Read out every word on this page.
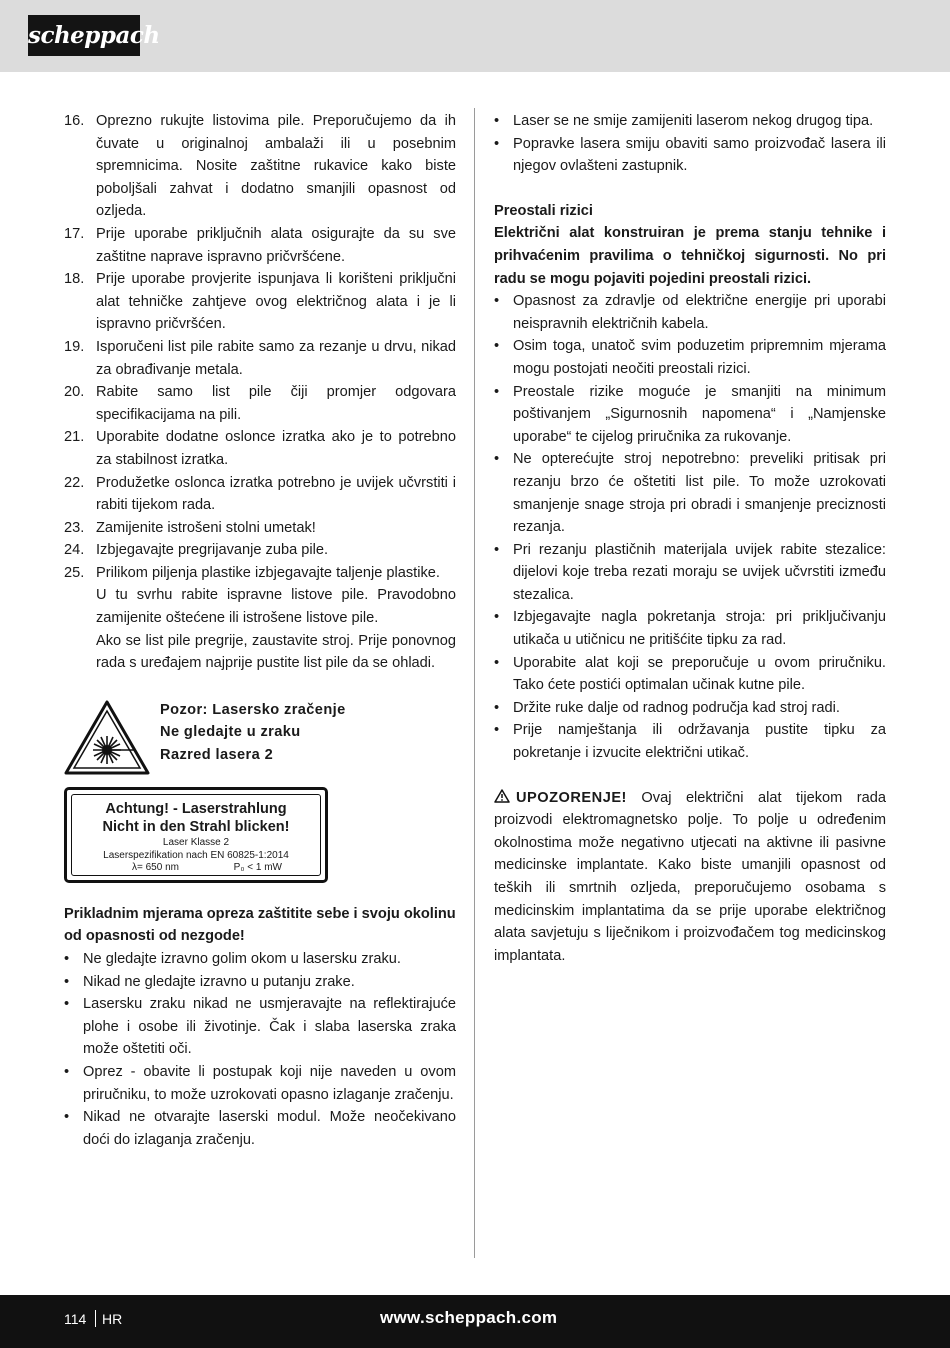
scheppach
16. Oprezno rukujte listovima pile. Preporučujemo da ih čuvate u originalnoj ambalaži ili u posebnim spremnicima. Nosite zaštitne rukavice kako biste poboljšali zahvat i dodatno smanjili opasnost od ozljeda.
17. Prije uporabe priključnih alata osigurajte da su sve zaštitne naprave ispravno pričvršćene.
18. Prije uporabe provjerite ispunjava li korišteni priključni alat tehničke zahtjeve ovog električnog alata i je li ispravno pričvršćen.
19. Isporučeni list pile rabite samo za rezanje u drvu, nikad za obrađivanje metala.
20. Rabite samo list pile čiji promjer odgovara specifikacijama na pili.
21. Uporabite dodatne oslonce izratka ako je to potrebno za stabilnost izratka.
22. Produžetke oslonca izratka potrebno je uvijek učvrstiti i rabiti tijekom rada.
23. Zamijenite istrošeni stolni umetak!
24. Izbjegavajte pregrijavanje zuba pile.
25. Prilikom piljenja plastike izbjegavajte taljenje plastike.

U tu svrhu rabite ispravne listove pile. Pravodobno zamijenite oštećene ili istrošene listove pile.

Ako se list pile pregrije, zaustavite stroj. Prije ponovnog rada s uređajem najprije pustite list pile da se ohladi.

Pozor: Lasersko zračenje
Ne gledajte u zraku
Razred lasera 2
Achtung! - Laserstrahlung
Nicht in den Strahl blicken!
Laser Klasse 2
Laserspezifikation nach EN 60825-1:2014
λ= 650 nm	P₀ < 1 mW

Prikladnim mjerama opreza zaštitite sebe i svoju okolinu od opasnosti od nezgode!

• Ne gledajte izravno golim okom u lasersku zraku.
• Nikad ne gledajte izravno u putanju zrake.
• Lasersku zraku nikad ne usmjeravajte na reflektirajuće plohe i osobe ili životinje. Čak i slaba laserska zraka može oštetiti oči.
• Oprez - obavite li postupak koji nije naveden u ovom priručniku, to može uzrokovati opasno izlaganje zračenju.
• Nikad ne otvarajte laserski modul. Može neočekivano doći do izlaganja zračenju.
• Laser se ne smije zamijeniti laserom nekog drugog tipa.
• Popravke lasera smiju obaviti samo proizvođač lasera ili njegov ovlašteni zastupnik.

Preostali rizici

Električni alat konstruiran je prema stanju tehnike i prihvaćenim pravilima o tehničkoj sigurnosti. No pri radu se mogu pojaviti pojedini preostali rizici.

• Opasnost za zdravlje od električne energije pri uporabi neispravnih električnih kabela.
• Osim toga, unatoč svim poduzetim pripremnim mjerama mogu postojati neočiti preostali rizici.
• Preostale rizike moguće je smanjiti na minimum poštivanjem „Sigurnosnih napomena“ i „Namjenske uporabe“ te cijelog priručnika za rukovanje.
• Ne opterećujte stroj nepotrebno: preveliki pritisak pri rezanju brzo će oštetiti list pile. To može uzrokovati smanjenje snage stroja pri obradi i smanjenje preciznosti rezanja.
• Pri rezanju plastičnih materijala uvijek rabite stezalice: dijelovi koje treba rezati moraju se uvijek učvrstiti između stezalica.
• Izbjegavajte nagla pokretanja stroja: pri priključivanju utikača u utičnicu ne pritišćite tipku za rad.
• Uporabite alat koji se preporučuje u ovom priručniku. Tako ćete postići optimalan učinak kutne pile.
• Držite ruke dalje od radnog područja kad stroj radi.
• Prije namještanja ili održavanja pustite tipku za pokretanje i izvucite električni utikač.

UPOZORENJE! Ovaj električni alat tijekom rada proizvodi elektromagnetsko polje. To polje u određenim okolnostima može negativno utjecati na aktivne ili pasivne medicinske implantate. Kako biste umanjili opasnost od teških ili smrtnih ozljeda, preporučujemo osobama s medicinskim implantatima da se prije uporabe električnog alata savjetuju s liječnikom i proizvođačem tog medicinskog implantata.

114 HR	www.scheppach.com
